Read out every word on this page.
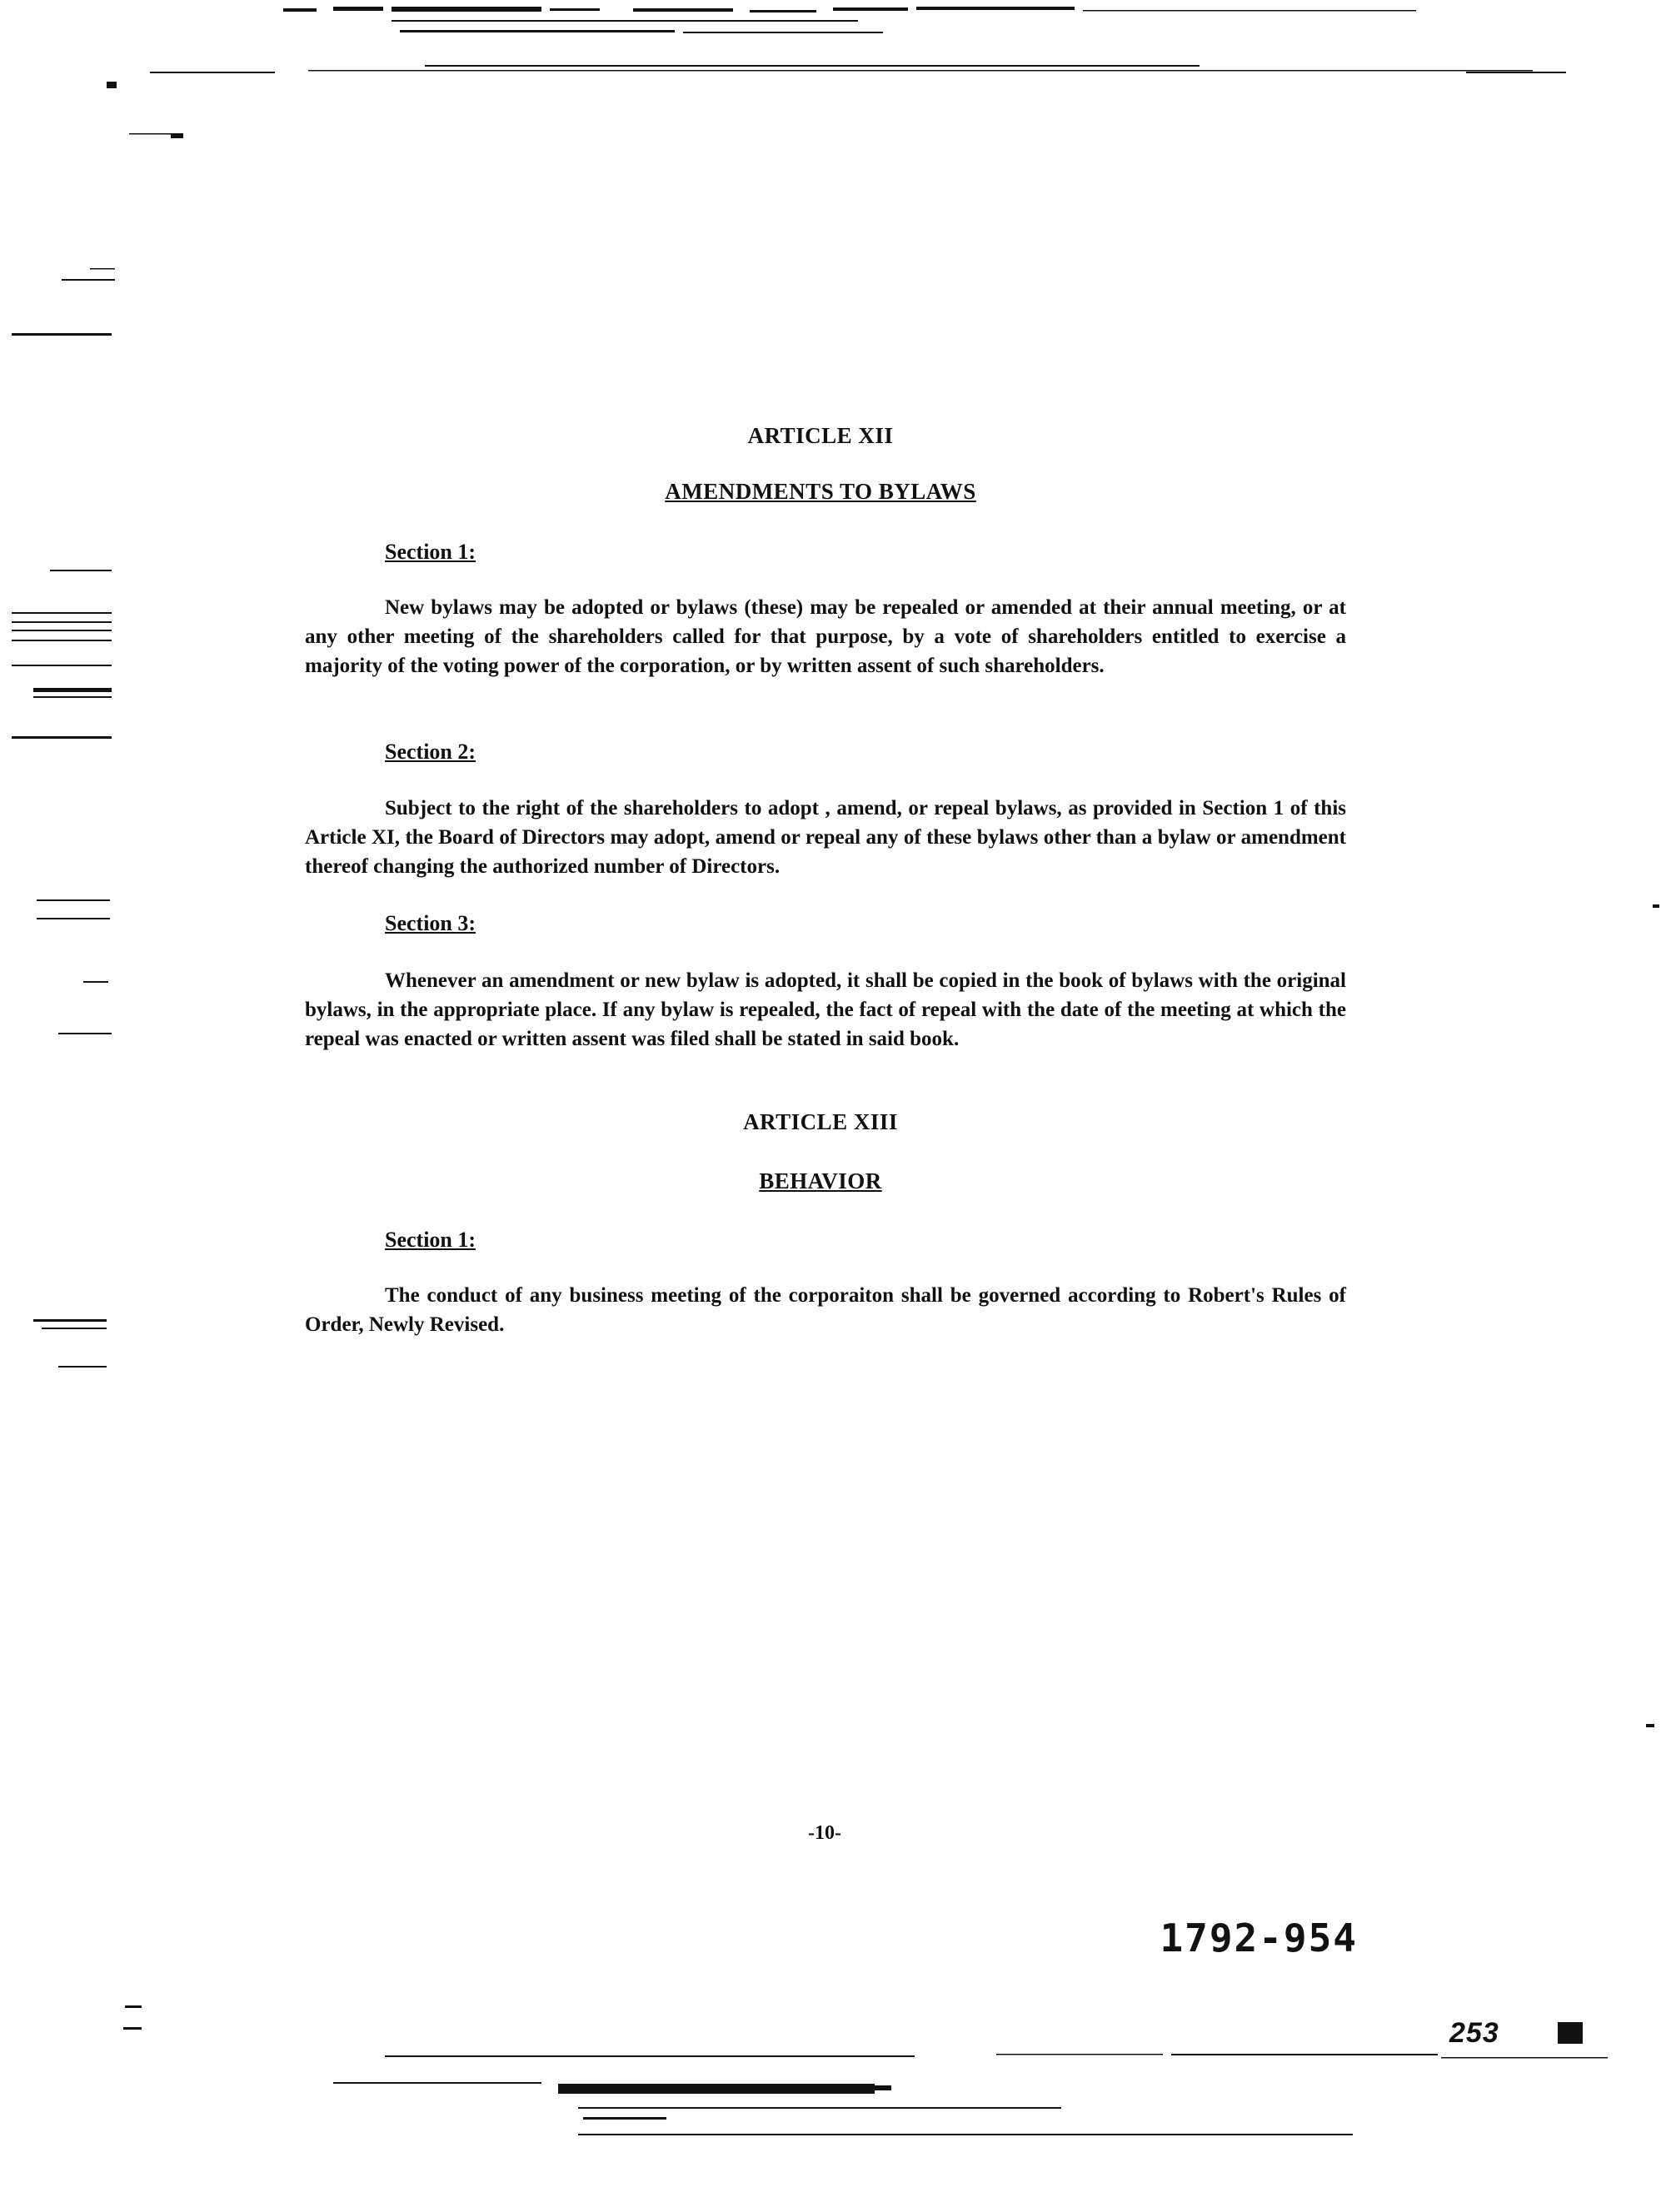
ARTICLE XII
AMENDMENTS TO BYLAWS
Section 1:

New bylaws may be adopted or bylaws (these) may be repealed or amended at their annual meeting, or at any other meeting of the shareholders called for that purpose, by a vote of shareholders entitled to exercise a majority of the voting power of the corporation, or by written assent of such shareholders.

Section 2:

Subject to the right of the shareholders to adopt , amend, or repeal bylaws, as provided in Section 1 of this Article XI, the Board of Directors may adopt, amend or repeal any of these bylaws other than a bylaw or amendment thereof changing the authorized number of Directors.

Section 3:

Whenever an amendment or new bylaw is adopted, it shall be copied in the book of bylaws with the original bylaws, in the appropriate place. If any bylaw is repealed, the fact of repeal with the date of the meeting at which the repeal was enacted or written assent was filed shall be stated in said book.

ARTICLE XIII
BEHAVIOR
Section 1:

The conduct of any business meeting of the corporaiton shall be governed according to Robert's Rules of Order, Newly Revised.

-10-
1792-954
253
